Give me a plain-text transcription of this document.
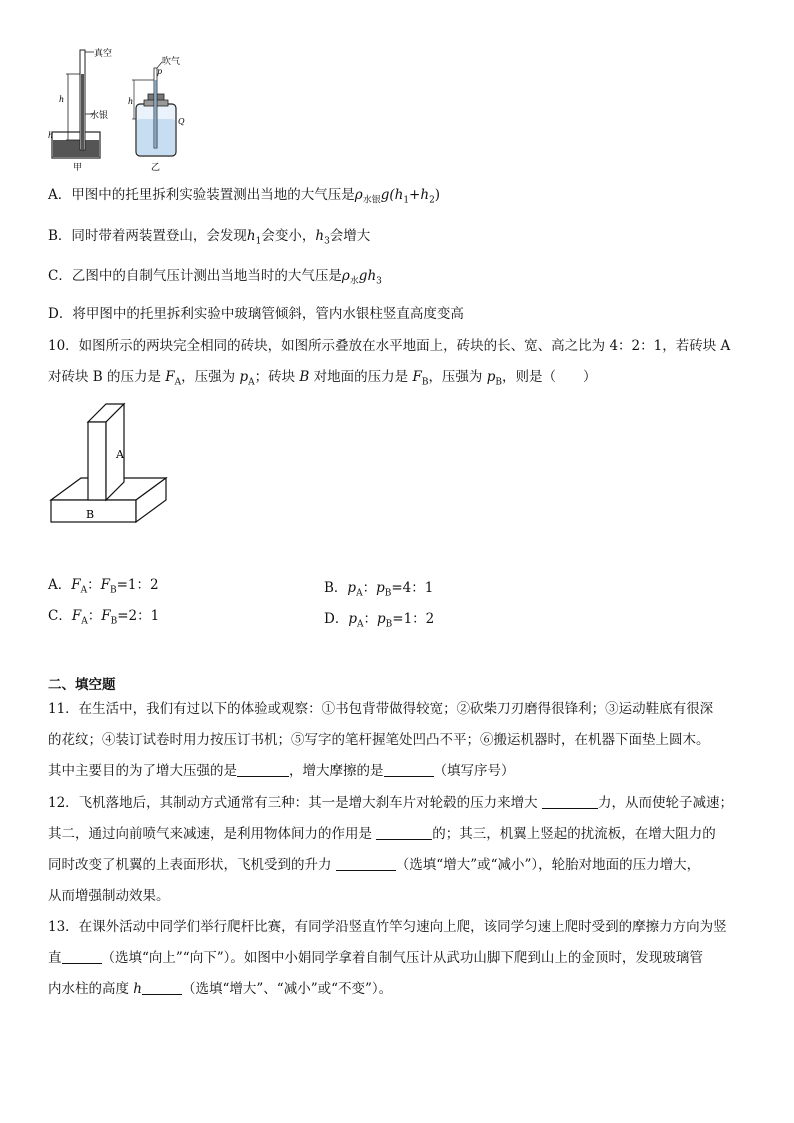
h
h
真空
水银
甲
h
吹气
p
Q
乙
A．甲图中的托里拆利实验装置测出当地的大气压是$\rho_{水银}g(h_1+h_2)$
B．同时带着两装置登山，会发现$h_1$会变小，$h_3$会增大
C．乙图中的自制气压计测出当地当时的大气压是$\rho_水gh_3$
D．将甲图中的托里拆利实验中玻璃管倾斜，管内水银柱竖直高度变高
10．如图所示的两块完全相同的砖块，如图所示叠放在水平地面上，砖块的长、宽、高之比为 4：2：1，若砖块 A
对砖块 B 的压力是 $F_A$，压强为 $p_A$；砖块 B 对地面的压力是 $F_B$，压强为 $p_B$，则是（　　）
A
B
A．$F_A$：$F_B=1$：2	B．$p_A$：$p_B=4$：1
C．$F_A$：$F_B=2$：1	D．$p_A$：$p_B=1$：2
二、填空题
11．在生活中，我们有过以下的体验或观察：①书包背带做得较宽；②砍柴刀刃磨得很锋利；③运动鞋底有很深
的花纹；④装订试卷时用力按压订书机；⑤写字的笔杆握笔处凹凸不平；⑥搬运机器时，在机器下面垫上圆木。
其中主要目的为了增大压强的是	，增大摩擦的是	（填写序号）
12．飞机落地后，其制动方式通常有三种：其一是增大刹车片对轮毂的压力来增大	力，从而使轮子减速；
其二，通过向前喷气来减速，是利用物体间力的作用是	的；其三，机翼上竖起的扰流板，在增大阻力的
同时改变了机翼的上表面形状，飞机受到的升力	（选填“增大”或“减小”），轮胎对地面的压力增大，
从而增强制动效果。
13．在课外活动中同学们举行爬杆比赛，有同学沿竖直竹竿匀速向上爬，该同学匀速上爬时受到的摩擦力方向为竖
直	（选填“向上”“向下”）。如图中小娟同学拿着自制气压计从武功山脚下爬到山上的金顶时，发现玻璃管
内水柱的高度 h	（选填“增大”、“减小”或“不变”）。
